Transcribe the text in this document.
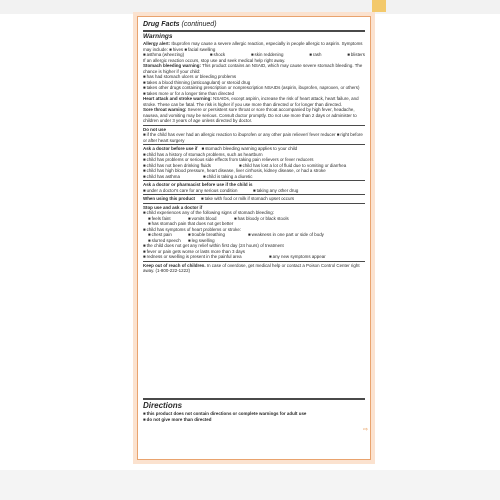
Drug Facts (continued)
Warnings
Allergy alert: Ibuprofen may cause a severe allergic reaction, especially in people allergic to aspirin. Symptoms may include: ■hives ■facial swelling
■asthma (wheezing)	■shock	■skin reddening	■rash	■blisters
If an allergic reaction occurs, stop use and seek medical help right away.
Stomach bleeding warning: This product contains an NSAID, which may cause severe stomach bleeding. The chance is higher if your child:
■has had stomach ulcers or bleeding problems
■takes a blood thinning (anticoagulant) or steroid drug
■takes other drugs containing prescription or nonprescription NSAIDs (aspirin, ibuprofen, naproxen, or others) ■takes more or for a longer time than directed
Heart attack and stroke warning: NSAIDs, except aspirin, increase the risk of heart attack, heart failure, and stroke. These can be fatal. The risk is higher if you use more than directed or for longer than directed.
Sore throat warning: Severe or persistent sore throat or sore throat accompanied by high fever, headache, nausea, and vomiting may be serious. Consult doctor promptly. Do not use more than 2 days or administer to children under 3 years of age unless directed by doctor.
Do not use
■if the child has ever had an allergic reaction to ibuprofen or any other pain reliever/ fever reducer ■right before or after heart surgery
Ask a doctor before use if ■stomach bleeding warning applies to your child
■child has a history of stomach problems, such as heartburn
■child has problems or serious side effects from taking pain relievers or fever reducers
■child has not been drinking fluids	■child has lost a lot of fluid due to vomiting or diarrhea
■child has high blood pressure, heart disease, liver cirrhosis, kidney disease, or had a stroke
■child has asthma	■child is taking a diuretic
Ask a doctor or pharmacist before use if the child is
■under a doctor's care for any serious condition	■taking any other drug
When using this product ■take with food or milk if stomach upset occurs
Stop use and ask a doctor if
■child experiences any of the following signs of stomach bleeding:
■feels faint	■vomits blood	■has bloody or black stools
■has stomach pain that does not get better
■child has symptoms of heart problems or stroke:
■chest pain	■trouble breathing	■weakness in one part or side of body
■slurred speech	■leg swelling
■the child does not get any relief within first day (24 hours) of treatment
■fever or pain gets worse or lasts more than 3 days
■redness or swelling is present in the painful area	■any new symptoms appear
Keep out of reach of children. In case of overdose, get medical help or contact a Poison Control Center right away. (1-800-222-1222)
Directions
■this product does not contain directions or complete warnings for adult use
■do not give more than directed
⇨
